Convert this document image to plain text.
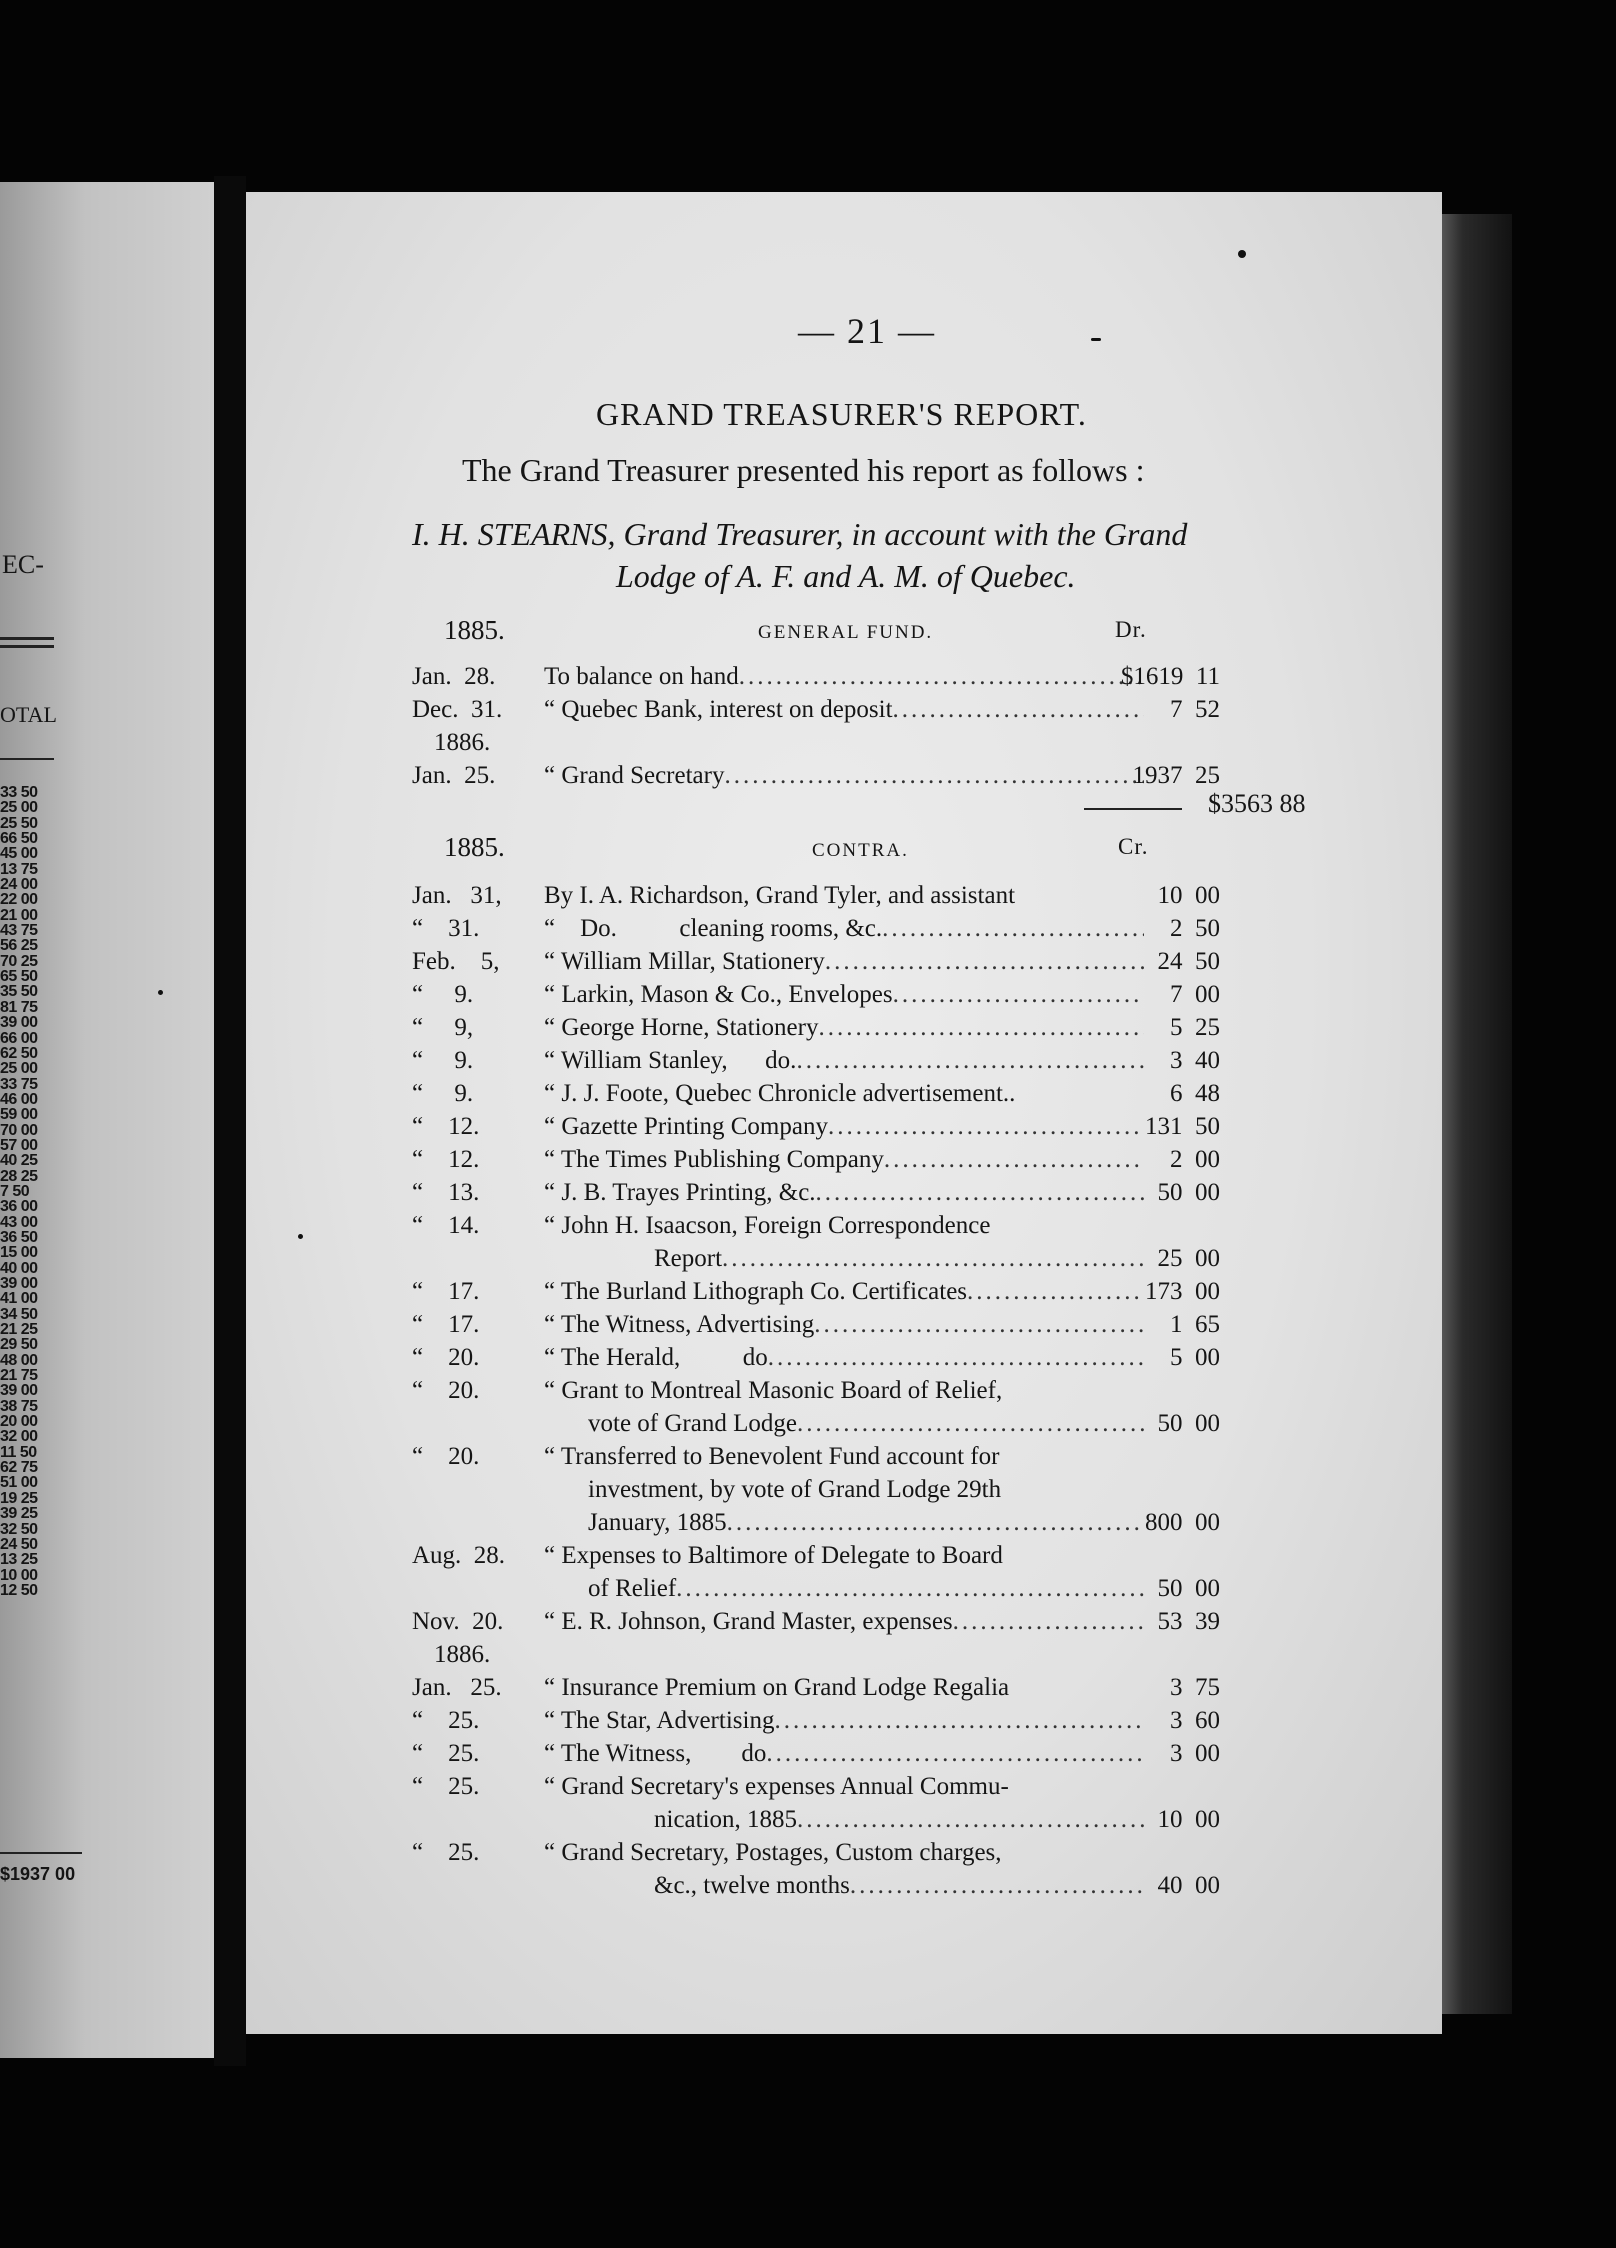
EC-
OTAL
33 50
25 00
25 50
66 50
45 00
13 75
24 00
22 00
21 00
43 75
56 25
70 25
65 50
35 50
81 75
39 00
66 00
62 50
25 00
33 75
46 00
59 00
70 00
57 00
40 25
28 25
7 50
36 00
43 00
36 50
15 00
40 00
39 00
41 00
34 50
21 25
29 50
48 00
21 75
39 00
38 75
20 00
32 00
11 50
62 75
51 00
19 25
39 25
32 50
24 50
13 25
10 00
12 50
$1937 00
— 21 —
GRAND TREASURER'S REPORT.
The Grand Treasurer presented his report as follows :
I. H. STEARNS, Grand Treasurer, in account with the Grand
Lodge of A. F. and A. M. of Quebec.
1885.	GENERAL FUND.	Dr.
Jan.  28.	To balance on hand .....	$1619  11
Dec.  31.	“ Quebec Bank, interest on deposit .....	7  52
1886.
Jan.  25.	“ Grand Secretary .....	1937  25
$3563 88
1885.	CONTRA.	Cr.
Jan.   31,	By I. A. Richardson, Grand Tyler, and assistant	10  00
“    31.	“    Do.          cleaning rooms, &c. .....	2  50
Feb.    5,	“ William Millar, Stationery .....	24  50
“     9.	“ Larkin, Mason & Co., Envelopes .....	7  00
“     9,	“ George Horne, Stationery .....	5  25
“     9.	“ William Stanley,      do. .....	3  40
“     9.	“ J. J. Foote, Quebec Chronicle advertisement..	6  48
“    12.	“ Gazette Printing Company .....	131  50
“    12.	“ The Times Publishing Company .....	2  00
“    13.	“ J. B. Trayes Printing, &c. .....	50  00
“    14.	“ John H. Isaacson, Foreign Correspondence
Report .....	25  00
“    17.	“ The Burland Lithograph Co. Certificates .....	173  00
“    17.	“ The Witness, Advertising .....	1  65
“    20.	“ The Herald,          do .....	5  00
“    20.	“ Grant to Montreal Masonic Board of Relief,
vote of Grand Lodge .....	50  00
“    20.	“ Transferred to Benevolent Fund account for
investment, by vote of Grand Lodge 29th
January, 1885 .....	800  00
Aug.  28.	“ Expenses to Baltimore of Delegate to Board
of Relief .....	50  00
Nov.  20.	“ E. R. Johnson, Grand Master, expenses .....	53  39
1886.
Jan.   25.	“ Insurance Premium on Grand Lodge Regalia	3  75
“    25.	“ The Star, Advertising .....	3  60
“    25.	“ The Witness,        do .....	3  00
“    25.	“ Grand Secretary's expenses Annual Commu-
nication, 1885 .....	10  00
“    25.	“ Grand Secretary, Postages, Custom charges,
&c., twelve months .....	40  00
